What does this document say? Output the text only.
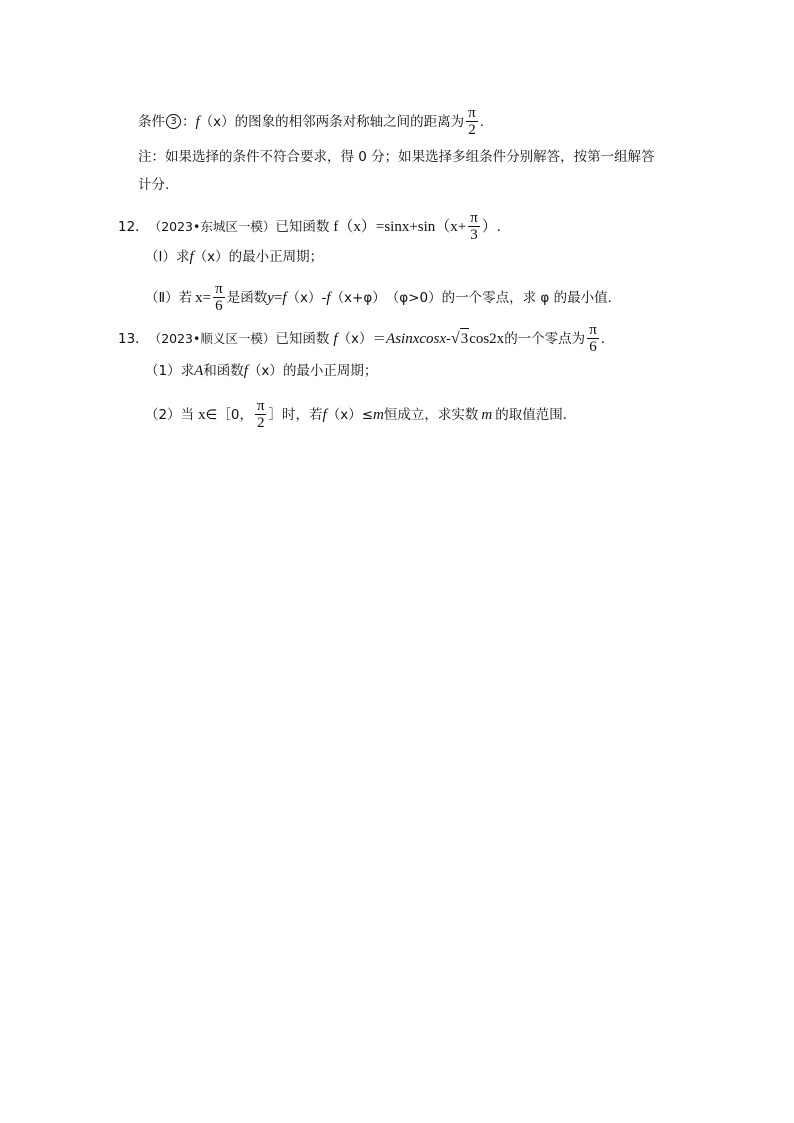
条件 3 ： f （x） 的图象的相邻两条对称轴之间的距离为 $\frac{\pi}{2}$ .
注：如果选择的条件不符合要求，得 0 分；如果选择多组条件分别解答，按第一组解答
计分.
12． （2023•东城区一模） 已知函数 $f(x)=\sin x+\sin(x+ \frac{\pi}{3}$ ）.
（Ⅰ）求 f （x） 的最小正周期；
（Ⅱ）若 $x= \frac{\pi}{6}$ 是函数 y = f （x） - f （x+φ） （φ>0） 的一个零点，求 φ 的最小值.
13． （2023•顺义区一模） 已知函数 f （x） ＝ Asinxcosx - √ 3 cos2x 的一个零点为 $\frac{\pi}{6}$ .
（1）求 A 和函数 f （x） 的最小正周期；
（2）当 x ∈［0， $\frac{\pi}{2}$ ］时，若 f （x） ≤ m 恒成立，求实数 m 的取值范围.
